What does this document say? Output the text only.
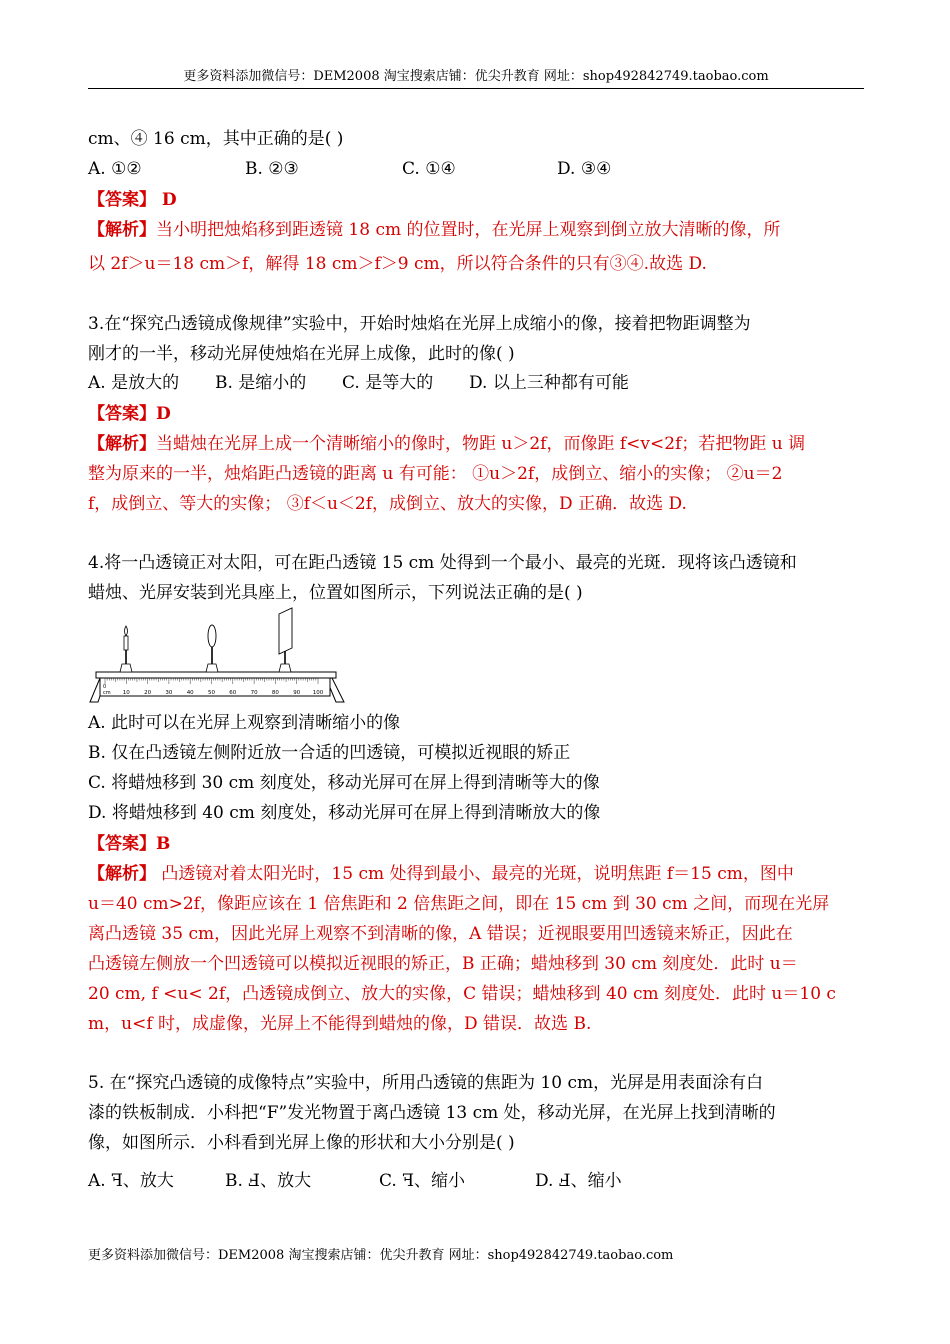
更多资料添加微信号：DEM2008 淘宝搜索店铺：优尖升教育 网址：shop492842749.taobao.com
cm、④ 16 cm，其中正确的是( )
A. ①②	B. ②③	C. ①④	D. ③④
【答案】 D
【解析】当小明把烛焰移到距透镜 18 cm 的位置时，在光屏上观察到倒立放大清晰的像，所
以 2f＞u＝18 cm＞f，解得 18 cm＞f＞9 cm，所以符合条件的只有③④.故选 D.
3.在“探究凸透镜成像规律”实验中，开始时烛焰在光屏上成缩小的像，接着把物距调整为
刚才的一半，移动光屏使烛焰在光屏上成像，此时的像( )
A. 是放大的 B. 是缩小的 C. 是等大的 D. 以上三种都有可能
【答案】D
【解析】当蜡烛在光屏上成一个清晰缩小的像时，物距 u＞2f，而像距 f<v<2f；若把物距 u 调
整为原来的一半，烛焰距凸透镜的距离 u 有可能： ①u＞2f，成倒立、缩小的实像； ②u＝2
f，成倒立、等大的实像； ③f＜u＜2f，成倒立、放大的实像，D 正确．故选 D.
4.将一凸透镜正对太阳，可在距凸透镜 15 cm 处得到一个最小、最亮的光斑．现将该凸透镜和
蜡烛、光屏安装到光具座上，位置如图所示，下列说法正确的是( )
10	20	30	40	50	60	70	80	90 100
0
cm
A. 此时可以在光屏上观察到清晰缩小的像
B. 仅在凸透镜左侧附近放一合适的凹透镜，可模拟近视眼的矫正
C. 将蜡烛移到 30 cm 刻度处，移动光屏可在屏上得到清晰等大的像
D. 将蜡烛移到 40 cm 刻度处，移动光屏可在屏上得到清晰放大的像
【答案】B
【解析】 凸透镜对着太阳光时，15 cm 处得到最小、最亮的光斑，说明焦距 f＝15 cm，图中
u＝40 cm>2f，像距应该在 1 倍焦距和 2 倍焦距之间，即在 15 cm 到 30 cm 之间，而现在光屏
离凸透镜 35 cm，因此光屏上观察不到清晰的像，A 错误；近视眼要用凹透镜来矫正，因此在
凸透镜左侧放一个凹透镜可以模拟近视眼的矫正，B 正确；蜡烛移到 30 cm 刻度处．此时 u＝
20 cm, f <u< 2f，凸透镜成倒立、放大的实像，C 错误；蜡烛移到 40 cm 刻度处．此时 u＝10 c
m，u<f 时，成虚像，光屏上不能得到蜡烛的像，D 错误．故选 B.
5. 在“探究凸透镜的成像特点”实验中，所用凸透镜的焦距为 10 cm，光屏是用表面涂有白
漆的铁板制成．小科把“F”发光物置于离凸透镜 13 cm 处，移动光屏，在光屏上找到清晰的
像，如图所示．小科看到光屏上像的形状和大小分别是( )
A. ꟻ、放大	B. Ⅎ、放大	C. ꟻ、缩小	D. Ⅎ、缩小
更多资料添加微信号：DEM2008 淘宝搜索店铺：优尖升教育 网址：shop492842749.taobao.com
